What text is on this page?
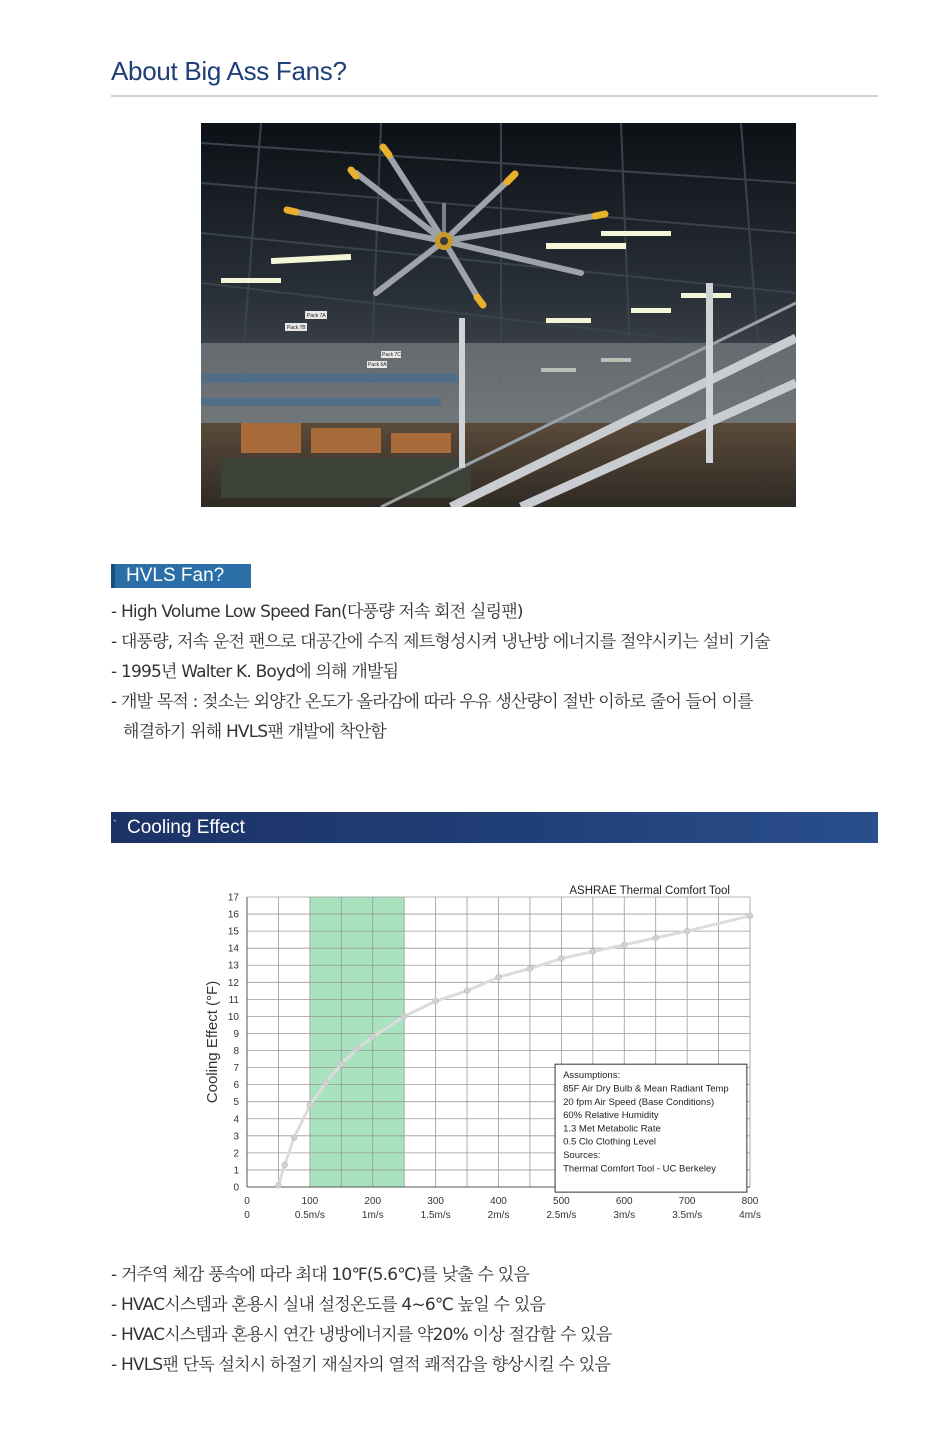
About Big Ass Fans?
Pack 7A
Pack 7B
Pack 7C
Pack 6A
HVLS Fan?
- High Volume Low Speed Fan(다풍량 저속 회전 실링팬)
- 대풍량, 저속 운전 팬으로 대공간에 수직 제트형성시켜 냉난방 에너지를 절약시키는 설비 기술
- 1995년 Walter K. Boyd에 의해 개발됨
- 개발 목적 : 젖소는 외양간 온도가 올라감에 따라 우유 생산량이 절반 이하로 줄어 들어 이를
해결하기 위해 HVLS팬 개발에 착안함
` Cooling Effect
0
1
2
3
4
5
6
7
8
9
10
11
12
13
14
15
16
17
0	100	200	300	400	500	600	700	800
0	0.5m/s	1m/s	1.5m/s	2m/s	2.5m/s	3m/s	3.5m/s	4m/s
Cooling Effect (°F)
ASHRAE Thermal Comfort Tool
Assumptions:
85F Air Dry Bulb & Mean Radiant Temp
20 fpm Air Speed (Base Conditions)
60% Relative Humidity
1.3 Met Metabolic Rate
0.5 Clo Clothing Level
Sources:
Thermal Comfort Tool - UC Berkeley
- 거주역 체감 풍속에 따라 최대 10℉(5.6℃)를 낮출 수 있음
- HVAC시스템과 혼용시 실내 설정온도를 4~6℃ 높일 수 있음
- HVAC시스템과 혼용시 연간 냉방에너지를 약20% 이상 절감할 수 있음
- HVLS팬 단독 설치시 하절기 재실자의 열적 쾌적감을 향상시킬 수 있음
